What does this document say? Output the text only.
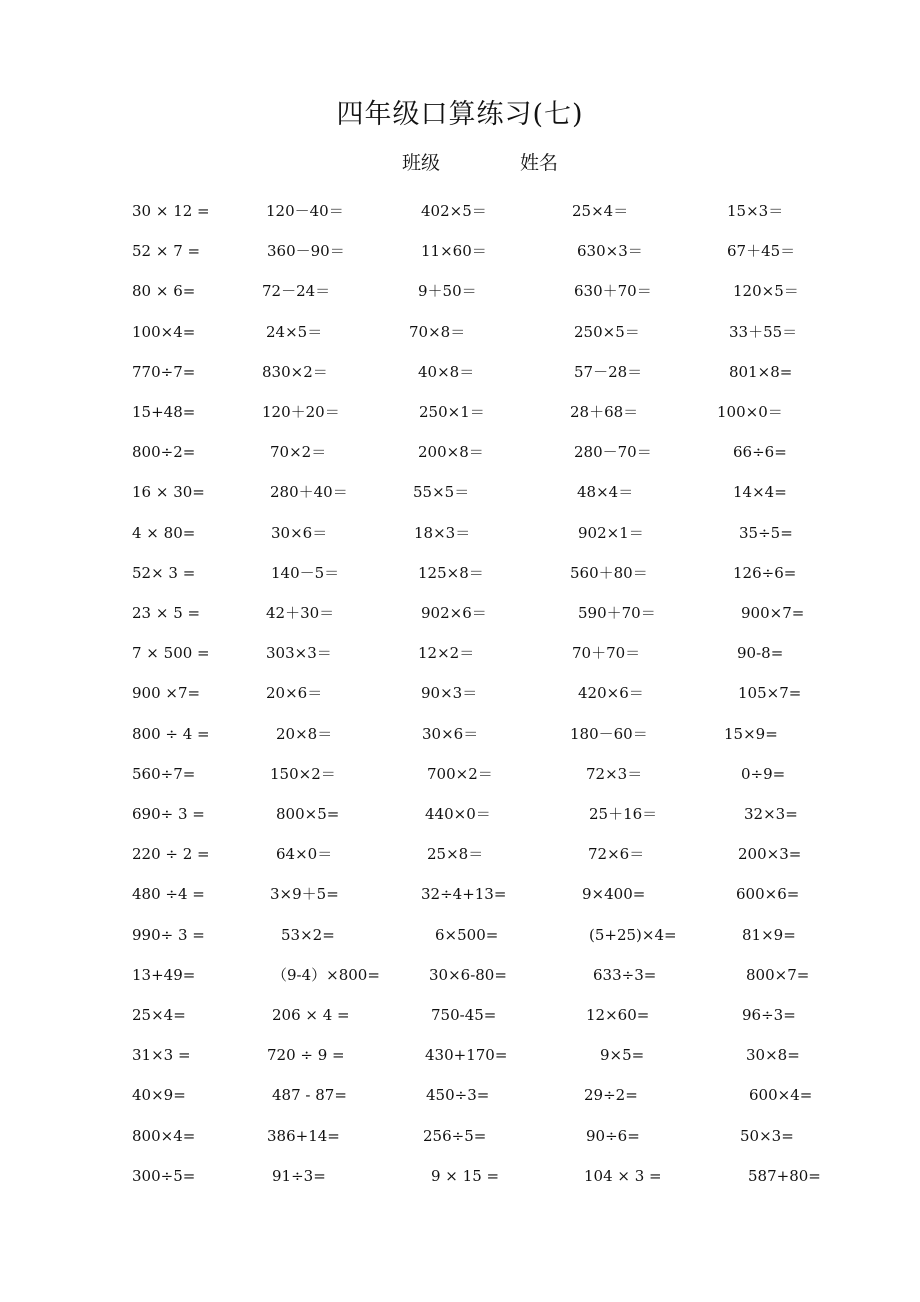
四年级口算练习(七)
班级	姓名
30 × 12 =	120－40＝	402×5＝	25×4＝	15×3＝
52 × 7 =	360－90＝	11×60＝	630×3＝	67＋45＝
80 × 6=	72－24＝	9＋50＝	630＋70＝	120×5＝
100×4=	24×5＝	70×8＝	250×5＝	33＋55＝
770÷7=	830×2＝	40×8＝	57－28＝	801×8=
15+48=	120＋20＝	250×1＝	28＋68＝	100×0＝
800÷2=	70×2＝	200×8＝	280－70＝	66÷6=
16 × 30=	280＋40＝	55×5＝	48×4＝	14×4=
4 × 80=	30×6＝	18×3＝	902×1＝	35÷5=
52× 3 =	140－5＝	125×8＝	560＋80＝	126÷6=
23 × 5 =	42＋30＝	902×6＝	590＋70＝	900×7=
7 × 500 =	303×3＝	12×2＝	70＋70＝	90-8=
900 ×7=	20×6＝	90×3＝	420×6＝	105×7=
800 ÷ 4 =	20×8＝	30×6＝	180－60＝	15×9=
560÷7=	150×2＝	700×2＝	72×3＝	0÷9=
690÷ 3 =	800×5=	440×0＝	25＋16＝	32×3=
220 ÷ 2 =	64×0＝	25×8＝	72×6＝	200×3=
480 ÷4 =	3×9＋5=	32÷4+13=	9×400=	600×6=
990÷ 3 =	53×2=	6×500=	(5+25)×4=	81×9=
13+49=	（9-4）×800=	30×6-80=	633÷3=	800×7=
25×4=	206 × 4 =	750-45=	12×60=	96÷3=
31×3 =	720 ÷ 9 =	430+170=	9×5=	30×8=
40×9=	487 - 87=	450÷3=	29÷2=	600×4=
800×4=	386+14=	256÷5=	90÷6=	50×3=
300÷5=	91÷3=	9 × 15 =	104 × 3 =	587+80=
